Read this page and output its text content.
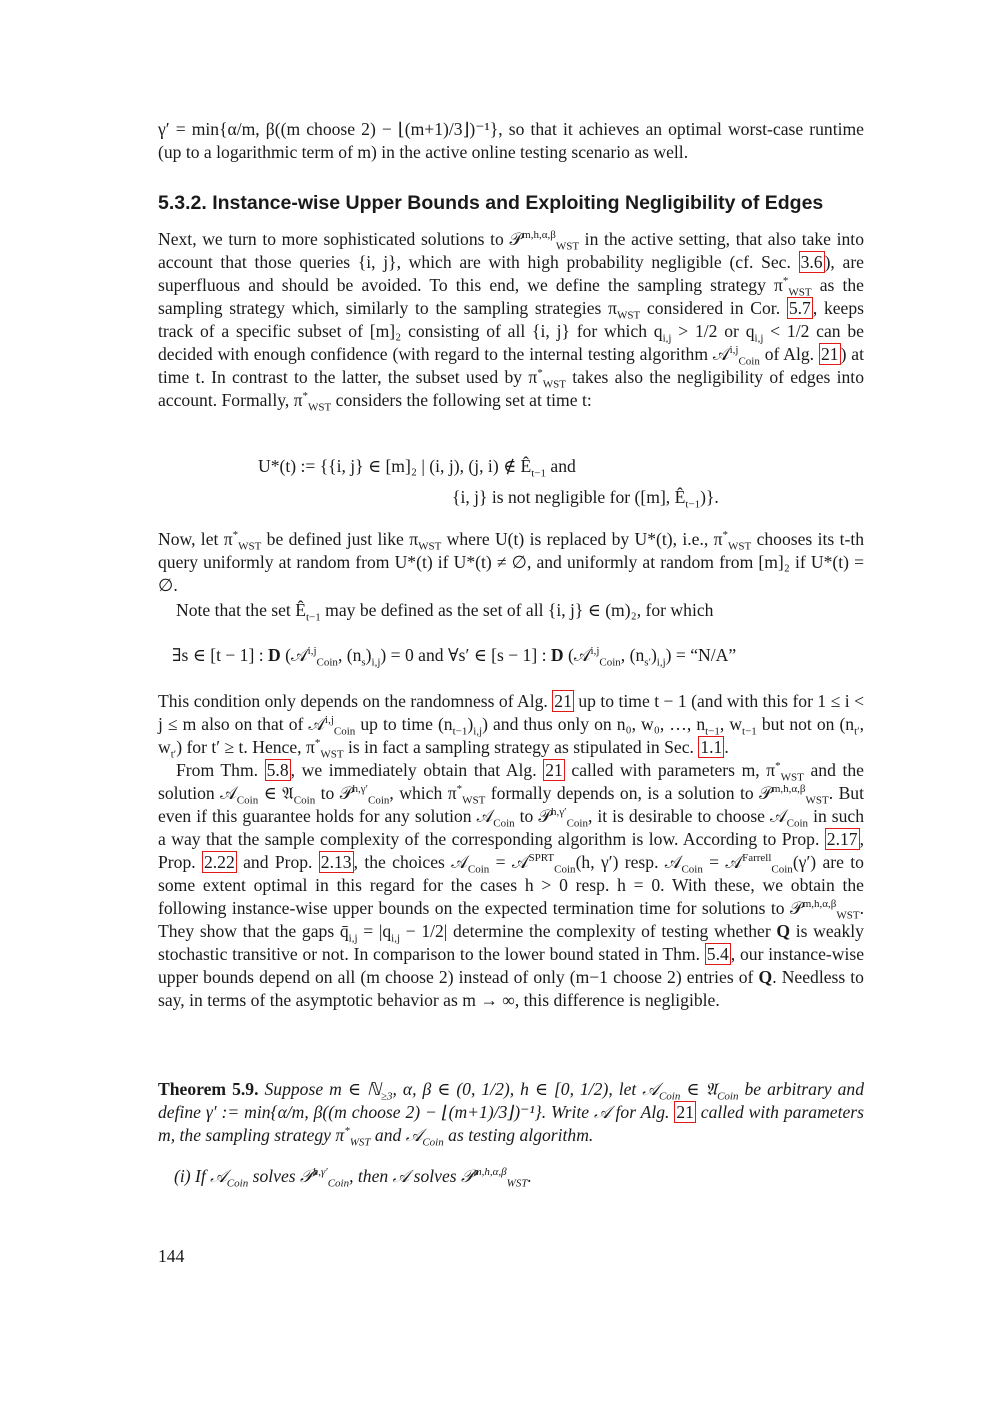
γ′ = min{α/m, β((m choose 2) − ⌊(m+1)/3⌋)⁻¹}, so that it achieves an optimal worst-case runtime (up to a logarithmic term of m) in the active online testing scenario as well.

5.3.2. Instance-wise Upper Bounds and Exploiting Negligibility of Edges

Next, we turn to more sophisticated solutions to 𝒫$^{m,h,\alpha,\beta}_{WST}$ in the active setting, that also take into account that those queries {i, j}, which are with high probability negligible (cf. Sec. 3.6 ), are superfluous and should be avoided. To this end, we define the sampling strategy $\pi^*_{WST}$ as the sampling strategy which, similarly to the sampling strategies $\pi_{WST}$ considered in Cor. 5.7 , keeps track of a specific subset of [m]₂ consisting of all {i, j} for which $q_{i,j} > 1/2$ or $q_{i,j} < 1/2$ can be decided with enough confidence (with regard to the internal testing algorithm 𝒜$^{i,j}_{Coin}$ of Alg. 21 ) at time t. In contrast to the latter, the subset used by $\pi^*_{WST}$ takes also the negligibility of edges into account. Formally, $\pi^*_{WST}$ considers the following set at time t:

U*(t) := {{i, j} ∈ [m]₂ | (i, j), (j, i) ∉ $Ê_{t-1}$ and
{i, j} is not negligible for ([m], $Ê_{t-1}$)}.

Now, let $\pi^*_{WST}$ be defined just like $\pi_{WST}$ where U(t) is replaced by U*(t), i.e., $\pi^*_{WST}$ chooses its t-th query uniformly at random from U*(t) if U*(t) ≠ ∅, and uniformly at random from [m]₂ if U*(t) = ∅.

Note that the set $Ê_{t-1}$ may be defined as the set of all {i, j} ∈ (m)₂, for which

∃s ∈ [t − 1] : D (𝒜$^{i,j}_{Coin}$, $(n_s)_{i,j}) = 0$ and ∀s′ ∈ [s − 1] : D (𝒜$^{i,j}_{Coin}$, $(n_{s'})_{i,j}$) = “N/A”

This condition only depends on the randomness of Alg. 21 up to time t − 1 (and with this for 1 ≤ i < j ≤ m also on that of 𝒜$^{i,j}_{Coin}$ up to time $(n_{t-1})_{i,j}$) and thus only on n₀, w₀, …, $n_{t-1}$, $w_{t-1}$ but not on ($n_{t'}$, $w_{t'}$) for t′ ≥ t. Hence, $\pi^*_{WST}$ is in fact a sampling strategy as stipulated in Sec. 1.1 .

From Thm. 5.8 , we immediately obtain that Alg. 21 called with parameters m, $\pi^*_{WST}$ and the solution 𝒜$_{Coin}$ ∈ 𝔄$_{Coin}$ to 𝒫$^{h,\gamma'}_{Coin}$, which $\pi^*_{WST}$ formally depends on, is a solution to 𝒫$^{m,h,\alpha,\beta}_{WST}$. But even if this guarantee holds for any solution 𝒜$_{Coin}$ to 𝒫$^{h,\gamma'}_{Coin}$, it is desirable to choose 𝒜$_{Coin}$ in such a way that the sample complexity of the corresponding algorithm is low. According to Prop. 2.17 , Prop. 2.22 and Prop. 2.13 , the choices 𝒜$_{Coin}$ = 𝒜$^{SPRT}_{Coin}$(h, γ′) resp. 𝒜$_{Coin}$ = 𝒜$^{Farrell}_{Coin}$(γ′) are to some extent optimal in this regard for the cases h > 0 resp. h = 0. With these, we obtain the following instance-wise upper bounds on the expected termination time for solutions to 𝒫$^{m,h,\alpha,\beta}_{WST}$. They show that the gaps $q̄_{i,j} = |q_{i,j} - 1/2|$ determine the complexity of testing whether Q is weakly stochastic transitive or not. In comparison to the lower bound stated in Thm. 5.4 , our instance-wise upper bounds depend on all (m choose 2) instead of only (m−1 choose 2) entries of Q. Needless to say, in terms of the asymptotic behavior as m → ∞, this difference is negligible.

Theorem 5.9. Suppose m ∈ ℕ$_{\ge 3}$, α, β ∈ (0, 1/2), h ∈ [0, 1/2), let 𝒜$_{Coin}$ ∈ 𝔄$_{Coin}$ be arbitrary and define γ′ := min{α/m, β((m choose 2) − ⌊(m+1)/3⌋)⁻¹}. Write 𝒜 for Alg. 21 called with parameters m, the sampling strategy $\pi^*_{WST}$ and 𝒜$_{Coin}$ as testing algorithm.

(i) If 𝒜$_{Coin}$ solves 𝒫$^{h,\gamma'}_{Coin}$, then 𝒜 solves 𝒫$^{m,h,\alpha,\beta}_{WST}$.
144
